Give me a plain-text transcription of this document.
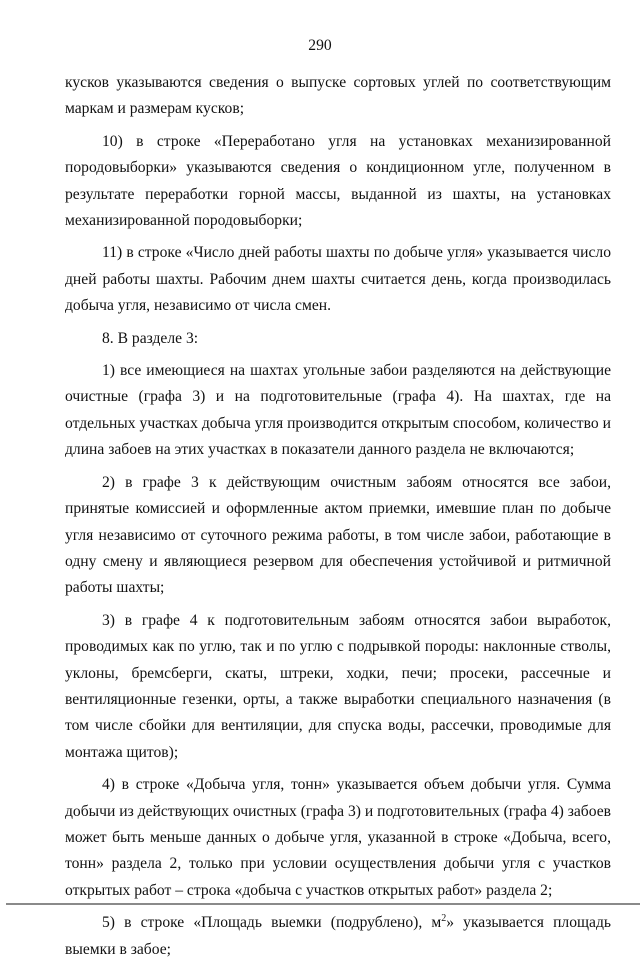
290

кусков указываются сведения о выпуске сортовых углей по соответствующим маркам и размерам кусков;

10) в строке «Переработано угля на установках механизированной породовыборки» указываются сведения о кондиционном угле, полученном в результате переработки горной массы, выданной из шахты, на установках механизированной породовыборки;

11) в строке «Число дней работы шахты по добыче угля» указывается число дней работы шахты. Рабочим днем шахты считается день, когда производилась добыча угля, независимо от числа смен.

8. В разделе 3:

1) все имеющиеся на шахтах угольные забои разделяются на действующие очистные (графа 3) и на подготовительные (графа 4). На шахтах, где на отдельных участках добыча угля производится открытым способом, количество и длина забоев на этих участках в показатели данного раздела не включаются;

2) в графе 3 к действующим очистным забоям относятся все забои, принятые комиссией и оформленные актом приемки, имевшие план по добыче угля независимо от суточного режима работы, в том числе забои, работающие в одну смену и являющиеся резервом для обеспечения устойчивой и ритмичной работы шахты;

3) в графе 4 к подготовительным забоям относятся забои выработок, проводимых как по углю, так и по углю с подрывкой породы: наклонные стволы, уклоны, бремсберги, скаты, штреки, ходки, печи; просеки, рассечные и вентиляционные гезенки, орты, а также выработки специального назначения (в том числе сбойки для вентиляции, для спуска воды, рассечки, проводимые для монтажа щитов);

4) в строке «Добыча угля, тонн» указывается объем добычи угля. Сумма добычи из действующих очистных (графа 3) и подготовительных (графа 4) забоев может быть меньше данных о добыче угля, указанной в строке «Добыча, всего, тонн» раздела 2, только при условии осуществления добычи угля с участков открытых работ – строка «добыча с участков открытых работ» раздела 2;

5) в строке «Площадь выемки (подрублено), $м^2$» указывается площадь выемки в забое;
